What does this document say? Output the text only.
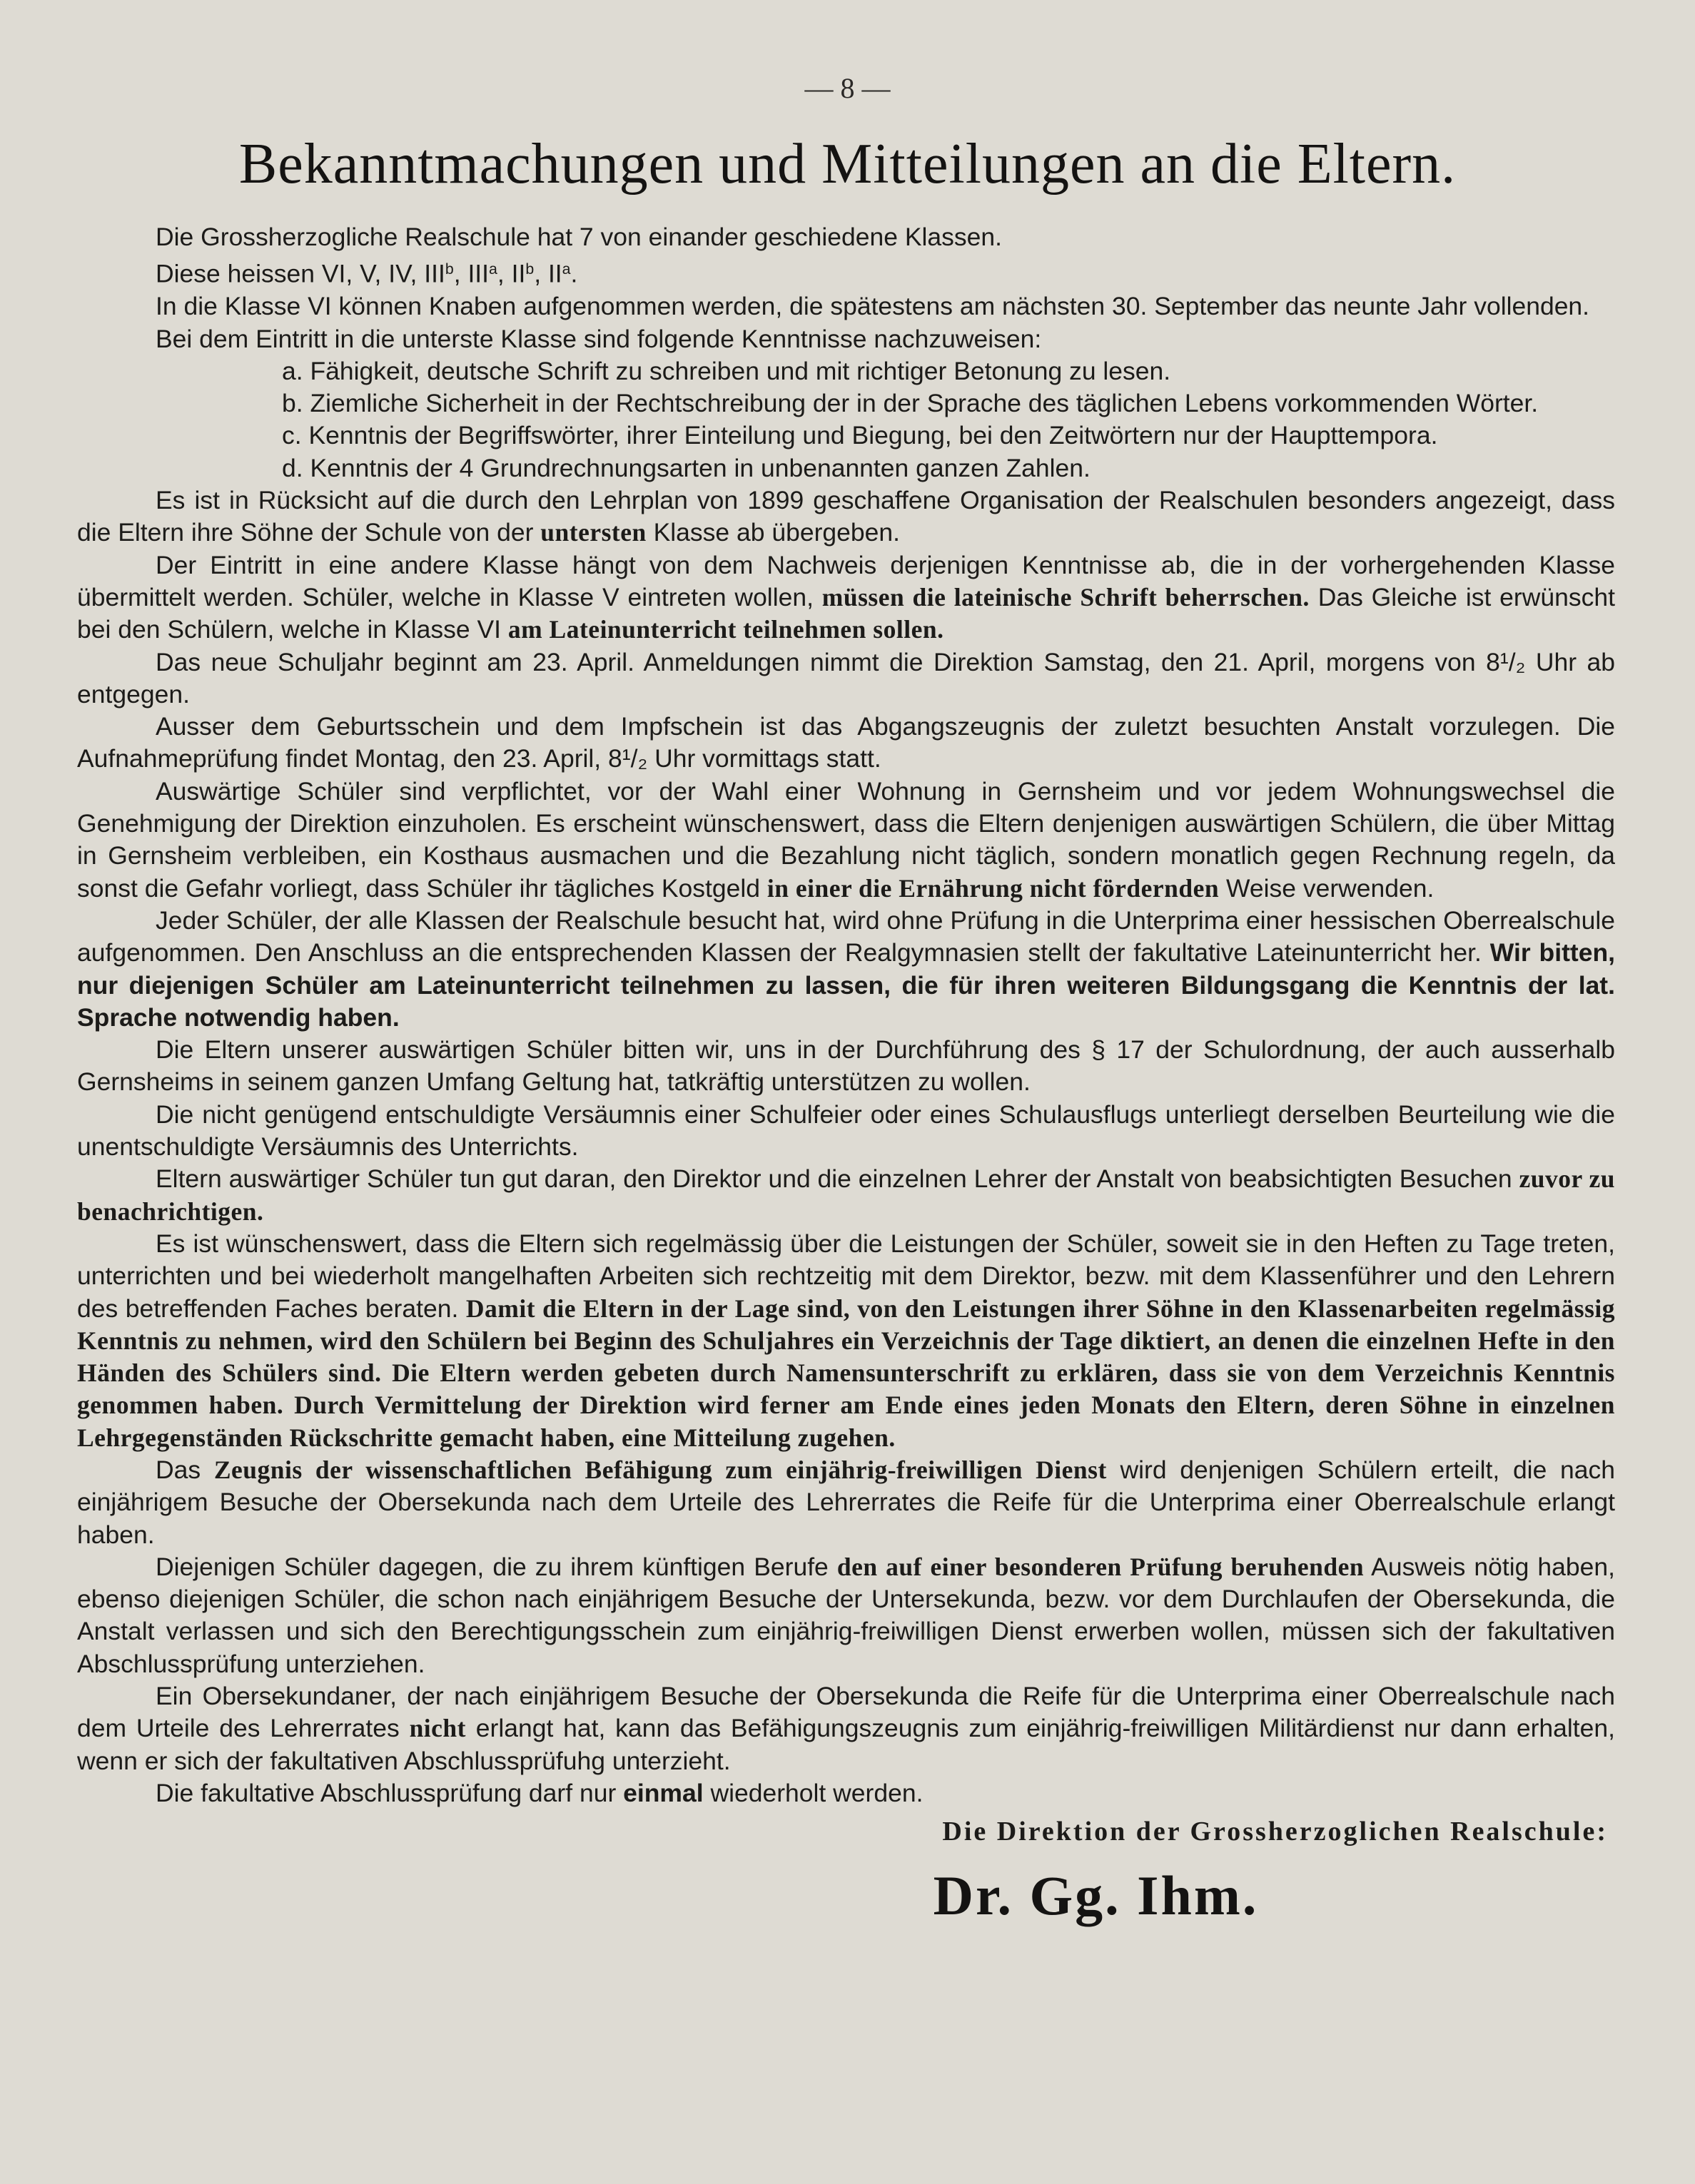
— 8 —
Bekanntmachungen und Mitteilungen an die Eltern.

Die Grossherzogliche Realschule hat 7 von einander geschiedene Klassen.

Diese heissen VI, V, IV, III$^b$, III$^a$, $II^b$, $II^a$.

In die Klasse VI können Knaben aufgenommen werden, die spätestens am nächsten 30. September das neunte Jahr vollenden.

Bei dem Eintritt in die unterste Klasse sind folgende Kenntnisse nachzuweisen:

a. Fähigkeit, deutsche Schrift zu schreiben und mit richtiger Betonung zu lesen.

b. Ziemliche Sicherheit in der Rechtschreibung der in der Sprache des täglichen Lebens vorkommenden Wörter.

c. Kenntnis der Begriffswörter, ihrer Einteilung und Biegung, bei den Zeitwörtern nur der Haupttempora.

d. Kenntnis der 4 Grundrechnungsarten in unbenannten ganzen Zahlen.

Es ist in Rücksicht auf die durch den Lehrplan von 1899 geschaffene Organisation der Realschulen besonders angezeigt, dass die Eltern ihre Söhne der Schule von der untersten Klasse ab übergeben.

Der Eintritt in eine andere Klasse hängt von dem Nachweis derjenigen Kenntnisse ab, die in der vorhergehenden Klasse übermittelt werden. Schüler, welche in Klasse V eintreten wollen, müssen die lateinische Schrift beherrschen. Das Gleiche ist erwünscht bei den Schülern, welche in Klasse VI am Lateinunterricht teilnehmen sollen.

Das neue Schuljahr beginnt am 23. April. Anmeldungen nimmt die Direktion Samstag, den 21. April, morgens von 8¹/₂ Uhr ab entgegen.

Ausser dem Geburtsschein und dem Impfschein ist das Abgangszeugnis der zuletzt besuchten Anstalt vorzulegen. Die Aufnahmeprüfung findet Montag, den 23. April, 8¹/₂ Uhr vormittags statt.

Auswärtige Schüler sind verpflichtet, vor der Wahl einer Wohnung in Gernsheim und vor jedem Wohnungswechsel die Genehmigung der Direktion einzuholen. Es erscheint wünschenswert, dass die Eltern denjenigen auswärtigen Schülern, die über Mittag in Gernsheim verbleiben, ein Kosthaus ausmachen und die Bezahlung nicht täglich, sondern monatlich gegen Rechnung regeln, da sonst die Gefahr vorliegt, dass Schüler ihr tägliches Kostgeld in einer die Ernährung nicht fördernden Weise verwenden.

Jeder Schüler, der alle Klassen der Realschule besucht hat, wird ohne Prüfung in die Unterprima einer hessischen Oberrealschule aufgenommen. Den Anschluss an die entsprechenden Klassen der Realgymnasien stellt der fakultative Lateinunterricht her. Wir bitten, nur diejenigen Schüler am Lateinunterricht teilnehmen zu lassen, die für ihren weiteren Bildungsgang die Kenntnis der lat. Sprache notwendig haben.

Die Eltern unserer auswärtigen Schüler bitten wir, uns in der Durchführung des § 17 der Schulordnung, der auch ausserhalb Gernsheims in seinem ganzen Umfang Geltung hat, tatkräftig unterstützen zu wollen.

Die nicht genügend entschuldigte Versäumnis einer Schulfeier oder eines Schulausflugs unterliegt derselben Beurteilung wie die unentschuldigte Versäumnis des Unterrichts.

Eltern auswärtiger Schüler tun gut daran, den Direktor und die einzelnen Lehrer der Anstalt von beabsichtigten Besuchen zuvor zu benachrichtigen.

Es ist wünschenswert, dass die Eltern sich regelmässig über die Leistungen der Schüler, soweit sie in den Heften zu Tage treten, unterrichten und bei wiederholt mangelhaften Arbeiten sich rechtzeitig mit dem Direktor, bezw. mit dem Klassenführer und den Lehrern des betreffenden Faches beraten. Damit die Eltern in der Lage sind, von den Leistungen ihrer Söhne in den Klassenarbeiten regelmässig Kenntnis zu nehmen, wird den Schülern bei Beginn des Schuljahres ein Verzeichnis der Tage diktiert, an denen die einzelnen Hefte in den Händen des Schülers sind. Die Eltern werden gebeten durch Namensunterschrift zu erklären, dass sie von dem Verzeichnis Kenntnis genommen haben. Durch Vermittelung der Direktion wird ferner am Ende eines jeden Monats den Eltern, deren Söhne in einzelnen Lehrgegenständen Rückschritte gemacht haben, eine Mitteilung zugehen.

Das Zeugnis der wissenschaftlichen Befähigung zum einjährig-freiwilligen Dienst wird denjenigen Schülern erteilt, die nach einjährigem Besuche der Obersekunda nach dem Urteile des Lehrerrates die Reife für die Unterprima einer Oberrealschule erlangt haben.

Diejenigen Schüler dagegen, die zu ihrem künftigen Berufe den auf einer besonderen Prüfung beruhenden Ausweis nötig haben, ebenso diejenigen Schüler, die schon nach einjährigem Besuche der Untersekunda, bezw. vor dem Durchlaufen der Obersekunda, die Anstalt verlassen und sich den Berechtigungsschein zum einjährig-freiwilligen Dienst erwerben wollen, müssen sich der fakultativen Abschlussprüfung unterziehen.

Ein Obersekundaner, der nach einjährigem Besuche der Obersekunda die Reife für die Unterprima einer Oberrealschule nach dem Urteile des Lehrerrates nicht erlangt hat, kann das Befähigungszeugnis zum einjährig-freiwilligen Militärdienst nur dann erhalten, wenn er sich der fakultativen Abschlussprüfuhg unterzieht.

Die fakultative Abschlussprüfung darf nur einmal wiederholt werden.

Die Direktion der Grossherzoglichen Realschule:
Dr. Gg. Ihm.
